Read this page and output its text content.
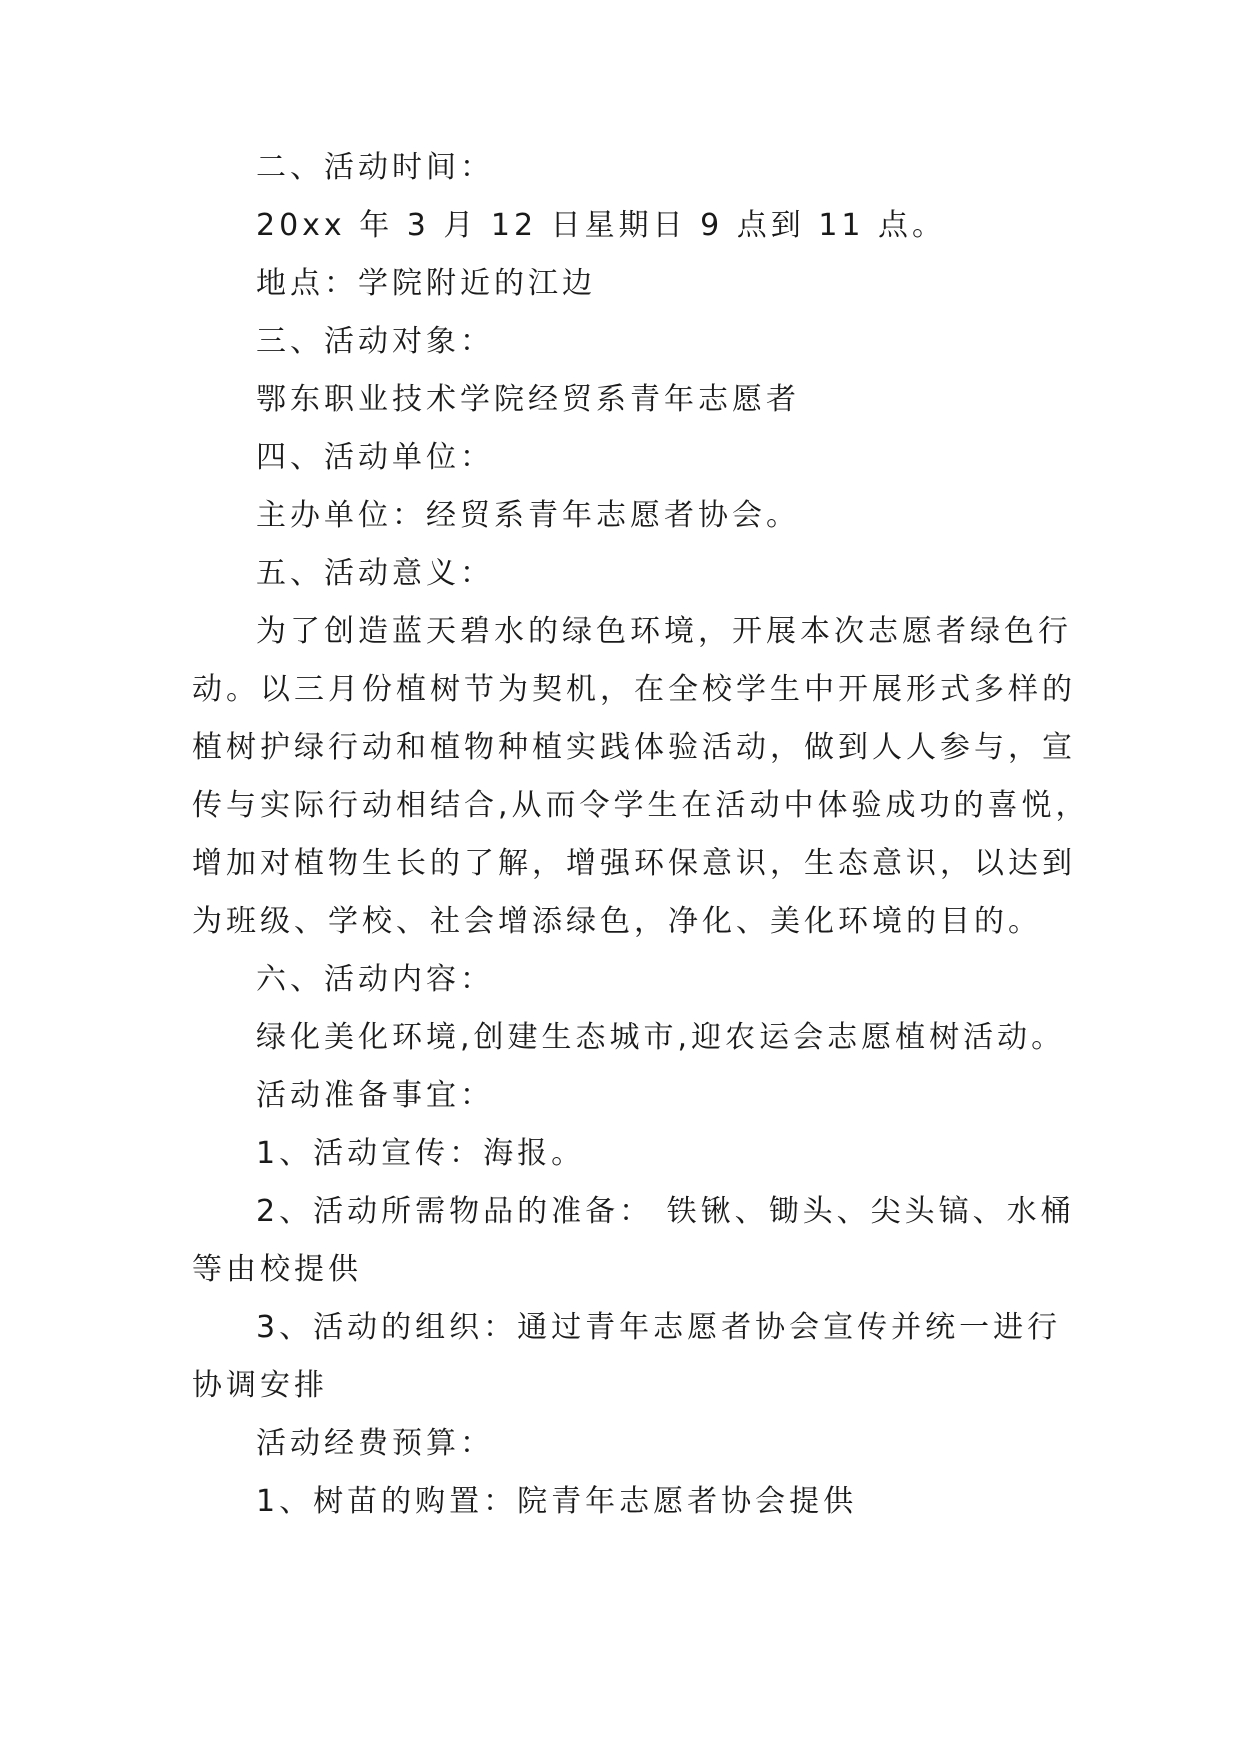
二、活动时间：
20xx 年 3 月 12 日星期日 9 点到 11 点。
地点：学院附近的江边
三、活动对象：
鄂东职业技术学院经贸系青年志愿者
四、活动单位：
主办单位：经贸系青年志愿者协会。
五、活动意义：
为了创造蓝天碧水的绿色环境，开展本次志愿者绿色行
动。以三月份植树节为契机，在全校学生中开展形式多样的
植树护绿行动和植物种植实践体验活动，做到人人参与，宣
传与实际行动相结合,从而令学生在活动中体验成功的喜悦，
增加对植物生长的了解，增强环保意识，生态意识，以达到
为班级、学校、社会增添绿色，净化、美化环境的目的。
六、活动内容：
绿化美化环境,创建生态城市,迎农运会志愿植树活动。
活动准备事宜：
1、活动宣传：海报。
2、活动所需物品的准备： 铁锹、锄头、尖头镐、水桶
等由校提供
3、活动的组织：通过青年志愿者协会宣传并统一进行
协调安排
活动经费预算：
1、树苗的购置：院青年志愿者协会提供
